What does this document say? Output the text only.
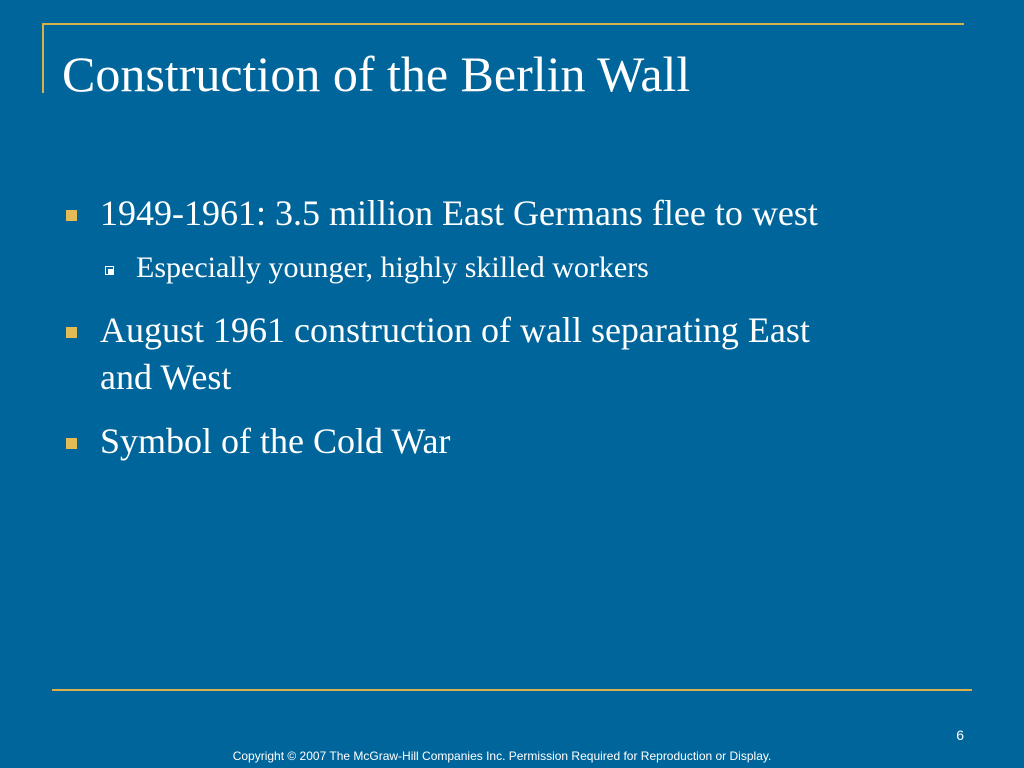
Construction of the Berlin Wall
1949-1961: 3.5 million East Germans flee to west
Especially younger, highly skilled workers
August 1961 construction of wall separating East
and West
Symbol of the Cold War
6
Copyright © 2007 The McGraw-Hill Companies Inc. Permission Required for Reproduction or Display.
